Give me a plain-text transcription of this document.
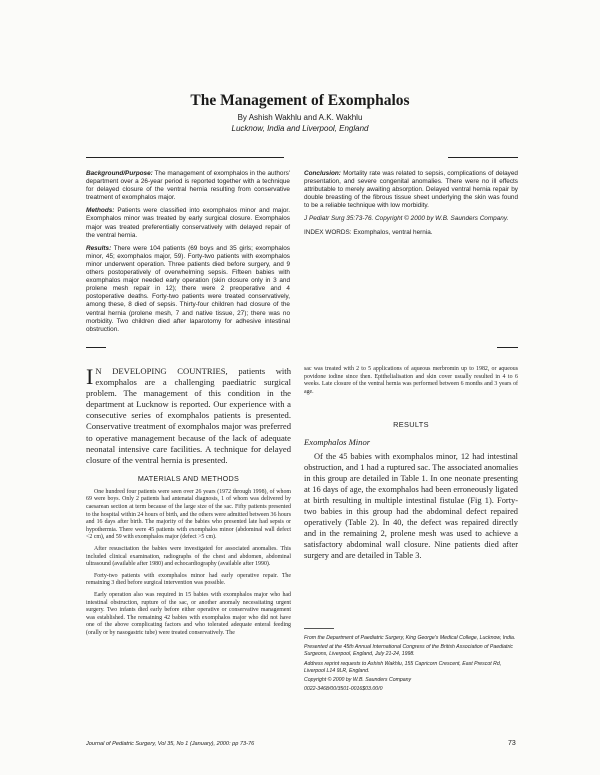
The Management of Exomphalos
By Ashish Wakhlu and A.K. Wakhlu
Lucknow, India and Liverpool, England

Background/Purpose: The management of exomphalos in the authors' department over a 26-year period is reported together with a technique for delayed closure of the ventral hernia resulting from conservative treatment of exomphalos major.

Methods: Patients were classified into exomphalos minor and major. Exomphalos minor was treated by early surgical closure. Exomphalos major was treated preferentially conservatively with delayed repair of the ventral hernia.

Results: There were 104 patients (69 boys and 35 girls; exomphalos minor, 45; exomphalos major, 59). Forty-two patients with exomphalos minor underwent operation. Three patients died before surgery, and 9 others postoperatively of overwhelming sepsis. Fifteen babies with exomphalos major needed early operation (skin closure only in 3 and prolene mesh repair in 12); there were 2 preoperative and 4 postoperative deaths. Forty-two patients were treated conservatively, among these, 8 died of sepsis. Thirty-four children had closure of the ventral hernia (prolene mesh, 7 and native tissue, 27); there was no morbidity. Two children died after laparotomy for adhesive intestinal obstruction.

Conclusion: Mortality rate was related to sepsis, complications of delayed presentation, and severe congenital anomalies. There were no ill effects attributable to merely awaiting absorption. Delayed ventral hernia repair by double breasting of the fibrous tissue sheet underlying the skin was found to be a reliable technique with low morbidity.

J Pediatr Surg 35:73-76. Copyright © 2000 by W.B. Saunders Company.

INDEX WORDS: Exomphalos, ventral hernia.

I N DEVELOPING COUNTRIES, patients with exomphalos are a challenging paediatric surgical problem. The management of this condition in the department at Lucknow is reported. Our experience with a consecutive series of exomphalos patients is presented. Conservative treatment of exomphalos major was preferred to operative management because of the lack of adequate neonatal intensive care facilities. A technique for delayed closure of the ventral hernia is presented.

MATERIALS AND METHODS

One hundred four patients were seen over 26 years (1972 through 1998), of whom 69 were boys. Only 2 patients had antenatal diagnosis, 1 of whom was delivered by caesarean section at term because of the large size of the sac. Fifty patients presented to the hospital within 24 hours of birth, and the others were admitted between 36 hours and 16 days after birth. The majority of the babies who presented late had sepsis or hypothermia. There were 45 patients with exomphalos minor (abdominal wall defect <2 cm), and 59 with exomphalos major (defect >5 cm).

After resuscitation the babies were investigated for associated anomalies. This included clinical examination, radiographs of the chest and abdomen, abdominal ultrasound (available after 1980) and echocardiography (available after 1990).

Forty-two patients with exomphalos minor had early operative repair. The remaining 3 died before surgical intervention was possible.

Early operation also was required in 15 babies with exomphalos major who had intestinal obstruction, rupture of the sac, or another anomaly necessitating urgent surgery. Two infants died early before either operative or conservative management was established. The remaining 42 babies with exomphalos major who did not have one of the above complicating factors and who tolerated adequate enteral feeding (orally or by nasogastric tube) were treated conservatively. The

sac was treated with 2 to 5 applications of aqueous merbromin up to 1982, or aqueous povidone iodine since then. Epithelialisation and skin cover usually resulted in 4 to 6 weeks. Late closure of the ventral hernia was performed between 6 months and 3 years of age.

RESULTS
Exomphalos Minor

Of the 45 babies with exomphalos minor, 12 had intestinal obstruction, and 1 had a ruptured sac. The associated anomalies in this group are detailed in Table 1. In one neonate presenting at 16 days of age, the exomphalos had been erroneously ligated at birth resulting in multiple intestinal fistulae (Fig 1). Forty-two babies in this group had the abdominal defect repaired operatively (Table 2). In 40, the defect was repaired directly and in the remaining 2, prolene mesh was used to achieve a satisfactory abdominal wall closure. Nine patients died after surgery and are detailed in Table 3.

From the Department of Paediatric Surgery, King George's Medical College, Lucknow, India.

Presented at the 45th Annual International Congress of the British Association of Paediatric Surgeons, Liverpool, England, July 21-24, 1998.

Address reprint requests to Ashish Wakhlu, 155 Capricorn Crescent, East Prescot Rd, Liverpool L14 9LR, England.

Copyright © 2000 by W.B. Saunders Company

0022-3468/00/3501-0016$03.00/0

Journal of Pediatric Surgery, Vol 35, No 1 (January), 2000: pp 73-76	73
